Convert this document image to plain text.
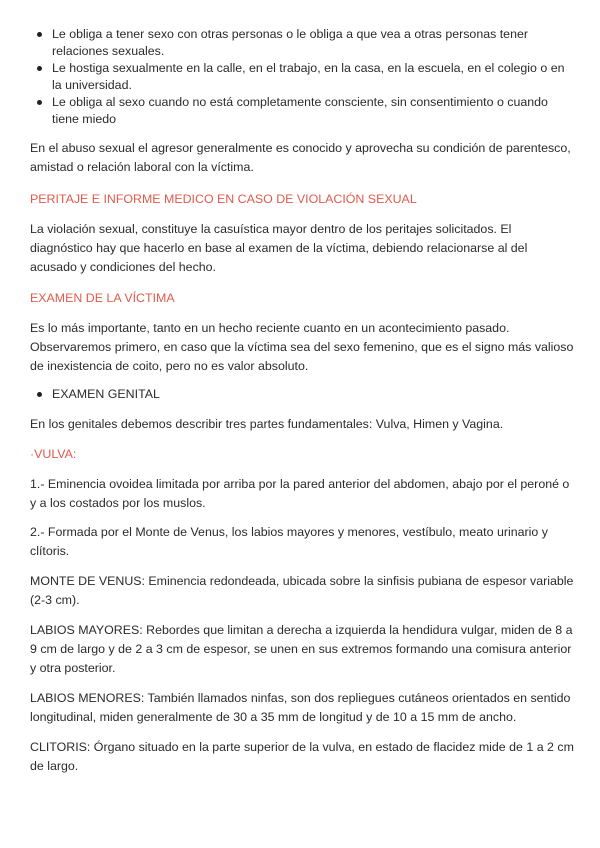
Le obliga a tener sexo con otras personas o le obliga a que vea a otras personas tener relaciones sexuales.
Le hostiga sexualmente en la calle, en el trabajo, en la casa, en la escuela, en el colegio o en la universidad.
Le obliga al sexo cuando no está completamente consciente, sin consentimiento o cuando tiene miedo

En el abuso sexual el agresor generalmente es conocido y aprovecha su condición de parentesco, amistad o relación laboral con la víctima.

PERITAJE E INFORME MEDICO EN CASO DE VIOLACIÓN SEXUAL

La violación sexual, constituye la casuística mayor dentro de los peritajes solicitados. El diagnóstico hay que hacerlo en base al examen de la víctima, debiendo relacionarse al del acusado y condiciones del hecho.

EXAMEN DE LA VÍCTIMA

Es lo más importante, tanto en un hecho reciente cuanto en un acontecimiento pasado. Observaremos primero, en caso que la víctima sea del sexo femenino, que es el signo más valioso de inexistencia de coito, pero no es valor absoluto.

EXAMEN GENITAL

En los genitales debemos describir tres partes fundamentales: Vulva, Himen y Vagina.

·VULVA:

1.- Eminencia ovoidea limitada por arriba por la pared anterior del abdomen, abajo por el peroné o y a los costados por los muslos.

2.- Formada por el Monte de Venus, los labios mayores y menores, vestíbulo, meato urinario y clítoris.

MONTE DE VENUS: Eminencia redondeada, ubicada sobre la sinfisis pubiana de espesor variable (2-3 cm).

LABIOS MAYORES: Rebordes que limitan a derecha a izquierda la hendidura vulgar, miden de 8 a 9 cm de largo y de 2 a 3 cm de espesor, se unen en sus extremos formando una comisura anterior y otra posterior.

LABIOS MENORES: También llamados ninfas, son dos repliegues cutáneos orientados en sentido longitudinal, miden generalmente de 30 a 35 mm de longitud y de 10 a 15 mm de ancho.

CLITORIS: Órgano situado en la parte superior de la vulva, en estado de flacidez mide de 1 a 2 cm de largo.
